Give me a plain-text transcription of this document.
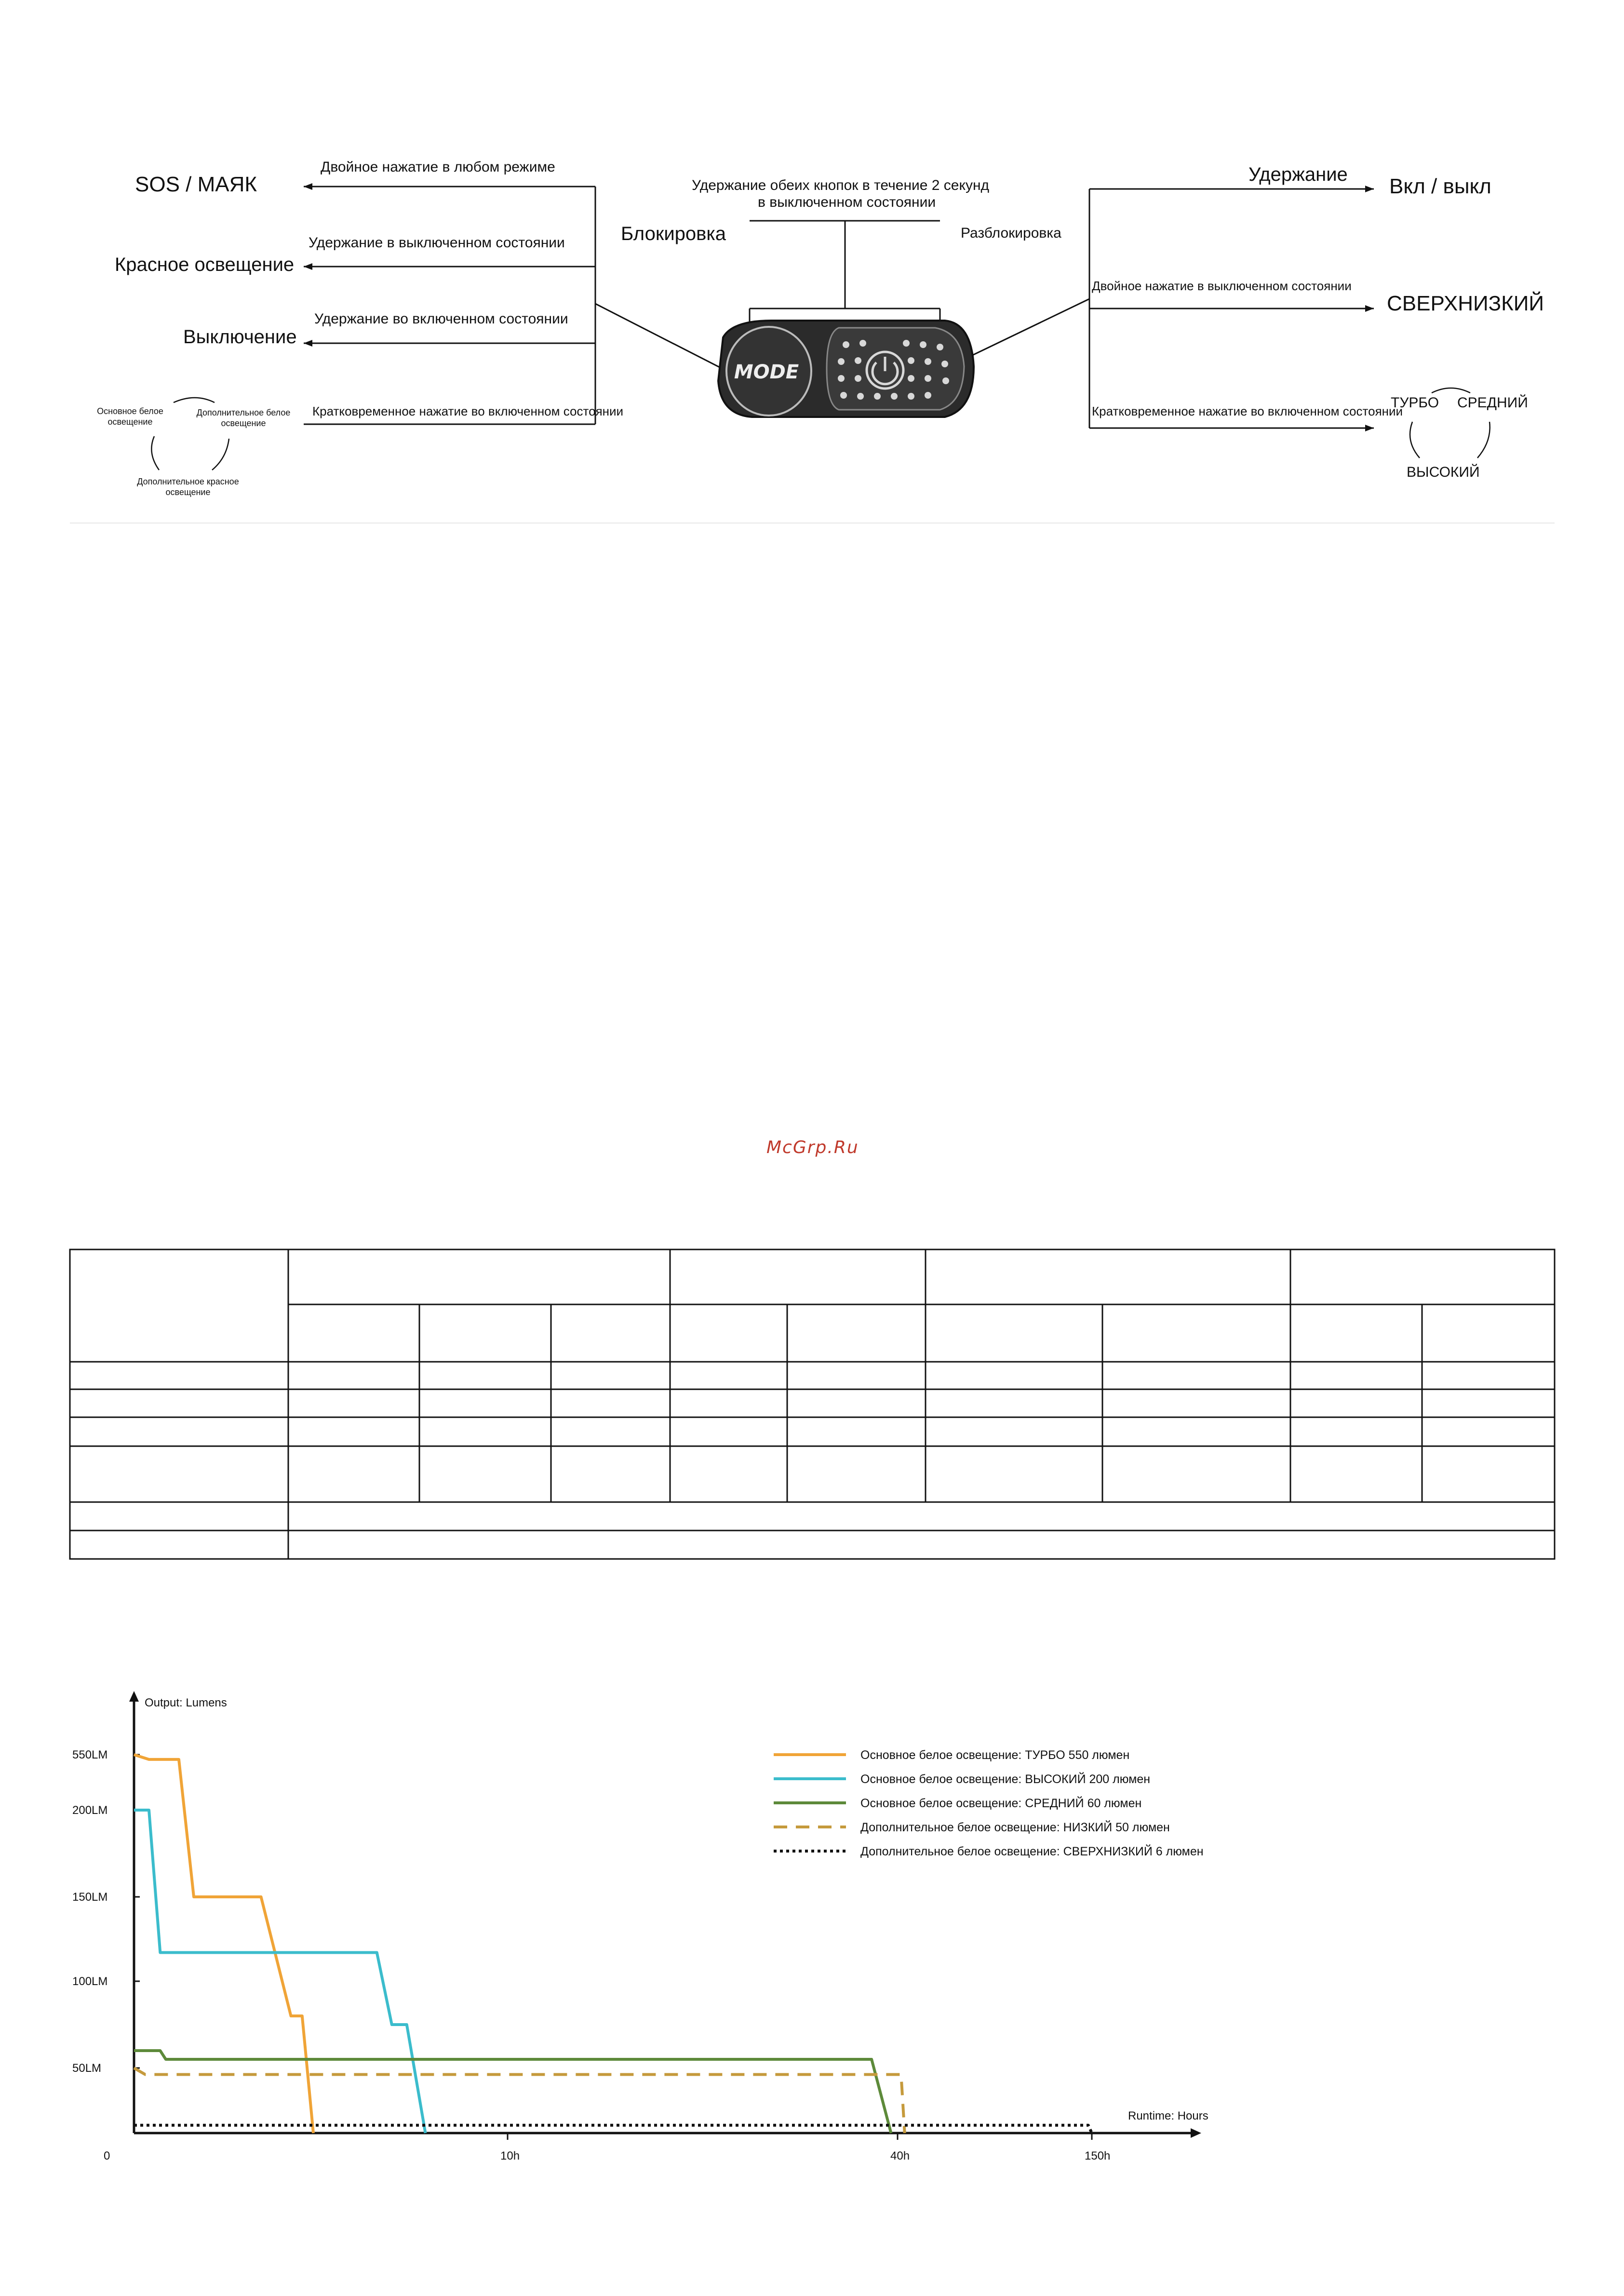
MODE
SOS / МАЯК
Двойное нажатие в любом режиме
Красное освещение
Удержание в выключенном состоянии
Выключение
Удержание во включенном состоянии
Кратковременное нажатие во включенном состоянии
Основное белое освещение
Дополнительное белое освещение
Дополнительное красное освещение
Удержание обеих кнопок в течение 2 секунд
в выключенном состоянии
Блокировка	Разблокировка
Удержание Вкл / выкл
Двойное нажатие в выключенном состоянии
СВЕРХНИЗКИЙ
Кратковременное нажатие во включенном состоянии
ТУРБО СРЕДНИЙ
ВЫСОКИЙ
McGrp.Ru
Output: Lumens
Runtime: Hours
550LM
200LM
150LM
100LM
50LM
0	10h	40h	150h
Основное белое освещение: ТУРБО 550 люмен
Основное белое освещение: ВЫСОКИЙ 200 люмен
Основное белое освещение: СРЕДНИЙ 60 люмен
Дополнительное белое освещение: НИЗКИЙ 50 люмен
Дополнительное белое освещение: СВЕРХНИЗКИЙ 6 люмен
